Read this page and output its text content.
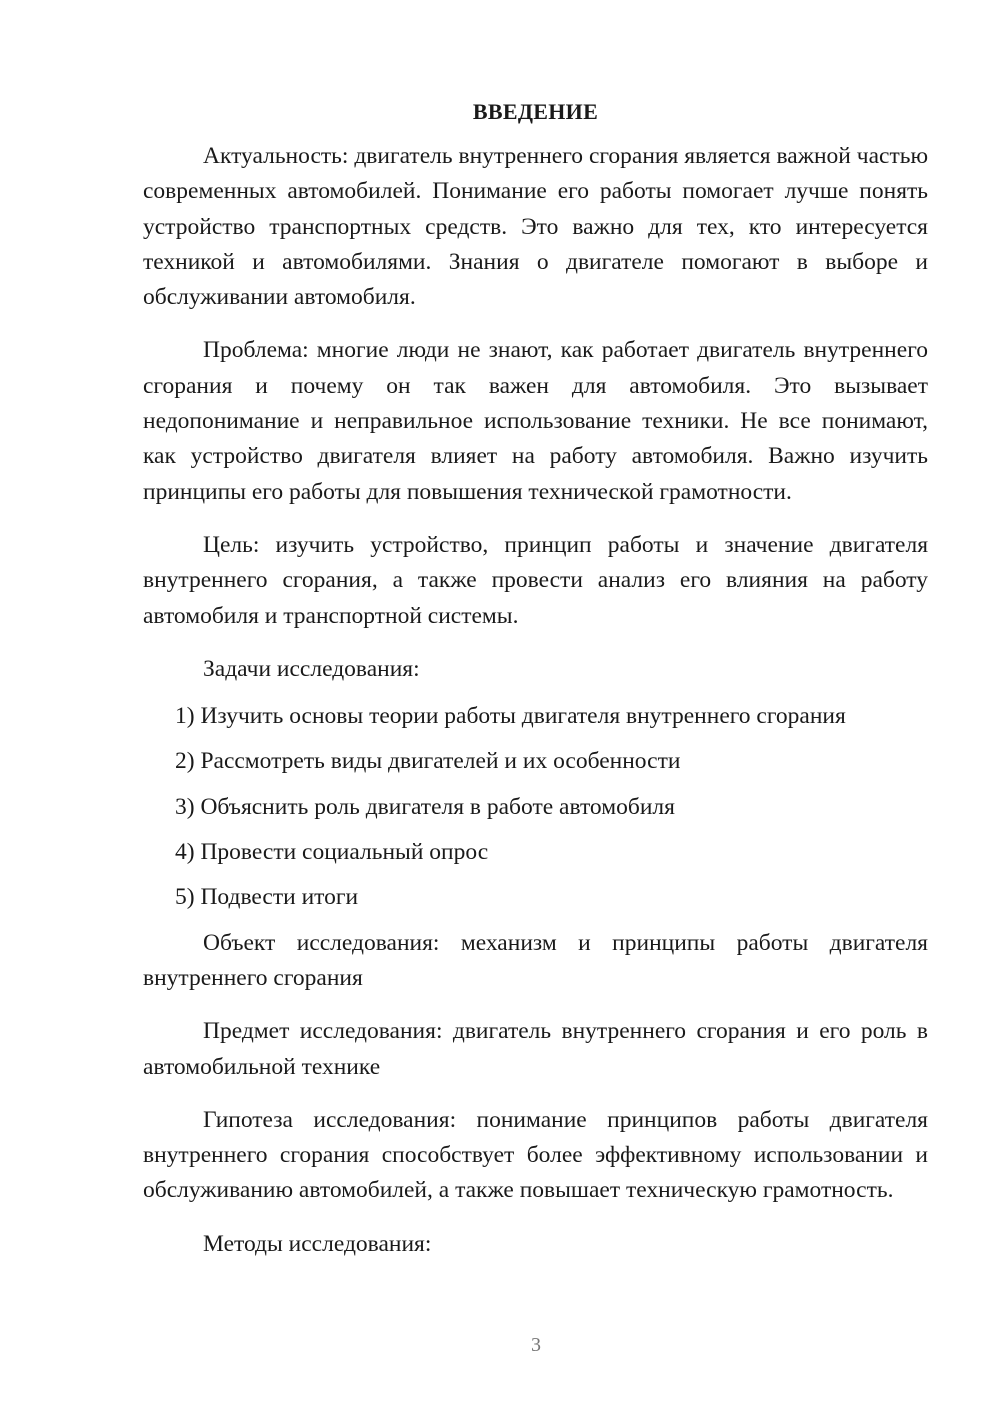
ВВЕДЕНИЕ

Актуальность: двигатель внутреннего сгорания является важной частью современных автомобилей. Понимание его работы помогает лучше понять устройство транспортных средств. Это важно для тех, кто интересуется техникой и автомобилями. Знания о двигателе помогают в выборе и обслуживании автомобиля.

Проблема: многие люди не знают, как работает двигатель внутреннего сгорания и почему он так важен для автомобиля. Это вызывает недопонимание и неправильное использование техники. Не все понимают, как устройство двигателя влияет на работу автомобиля. Важно изучить принципы его работы для повышения технической грамотности.

Цель: изучить устройство, принцип работы и значение двигателя внутреннего сгорания, а также провести анализ его влияния на работу автомобиля и транспортной системы.

Задачи исследования:

1) Изучить основы теории работы двигателя внутреннего сгорания
2) Рассмотреть виды двигателей и их особенности
3) Объяснить роль двигателя в работе автомобиля
4) Провести социальный опрос
5) Подвести итоги

Объект исследования: механизм и принципы работы двигателя внутреннего сгорания

Предмет исследования: двигатель внутреннего сгорания и его роль в автомобильной технике

Гипотеза исследования: понимание принципов работы двигателя внутреннего сгорания способствует более эффективному использовании и обслуживанию автомобилей, а также повышает техническую грамотность.

Методы исследования:

3
